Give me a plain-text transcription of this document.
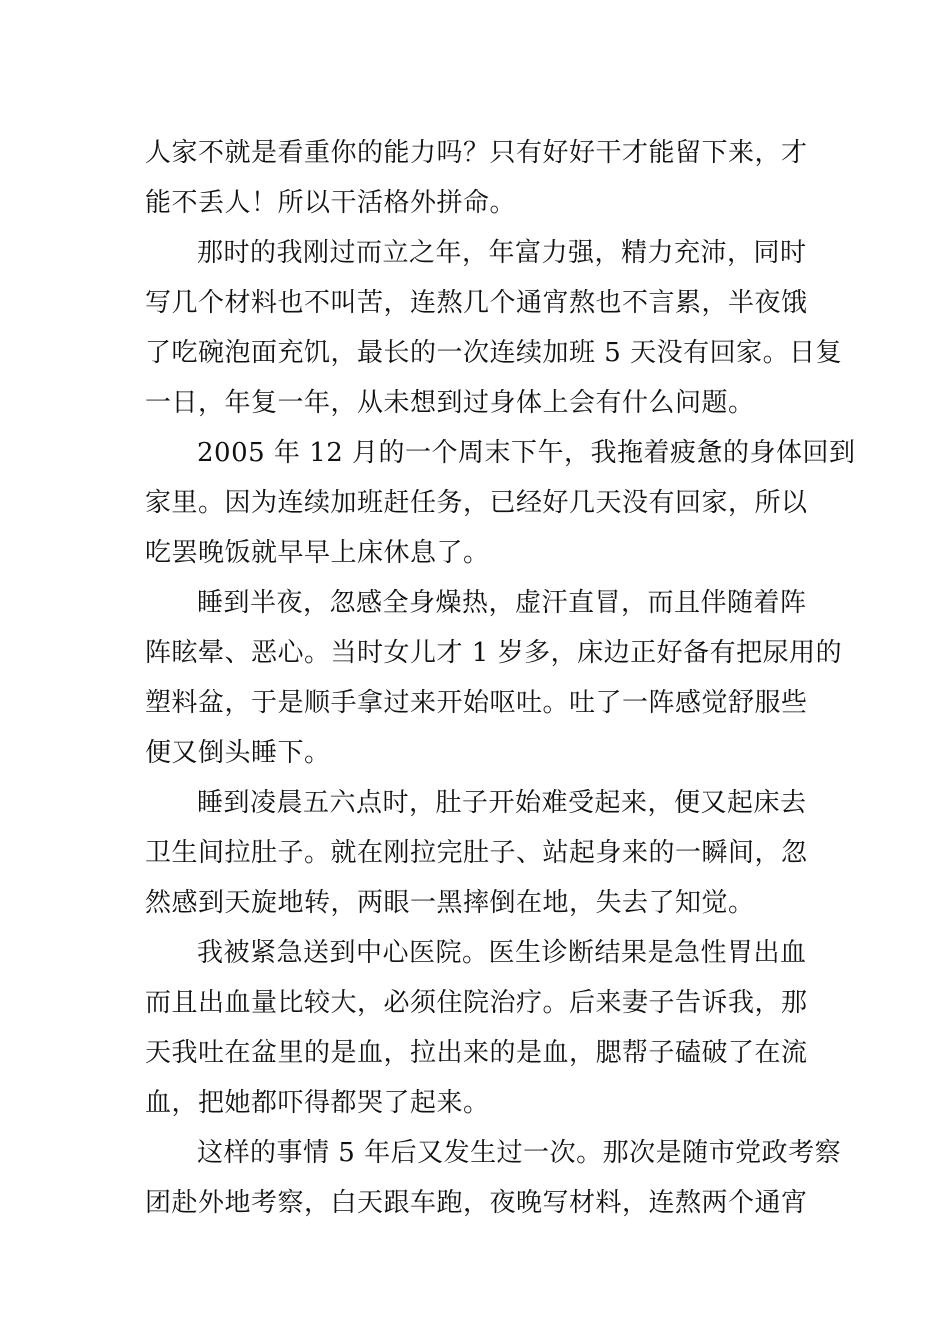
人家不就是看重你的能力吗？只有好好干才能留下来，才
能不丢人！所以干活格外拼命。
那时的我刚过而立之年，年富力强，精力充沛，同时
写几个材料也不叫苦，连熬几个通宵熬也不言累，半夜饿
了吃碗泡面充饥，最长的一次连续加班 5 天没有回家。日复
一日，年复一年，从未想到过身体上会有什么问题。
2005 年 12 月的一个周末下午，我拖着疲惫的身体回到
家里。因为连续加班赶任务，已经好几天没有回家，所以
吃罢晚饭就早早上床休息了。
睡到半夜，忽感全身燥热，虚汗直冒，而且伴随着阵
阵眩晕、恶心。当时女儿才 1 岁多，床边正好备有把尿用的
塑料盆，于是顺手拿过来开始呕吐。吐了一阵感觉舒服些
便又倒头睡下。
睡到凌晨五六点时，肚子开始难受起来，便又起床去
卫生间拉肚子。就在刚拉完肚子、站起身来的一瞬间，忽
然感到天旋地转，两眼一黑摔倒在地，失去了知觉。
我被紧急送到中心医院。医生诊断结果是急性胃出血
而且出血量比较大，必须住院治疗。后来妻子告诉我，那
天我吐在盆里的是血，拉出来的是血，腮帮子磕破了在流
血，把她都吓得都哭了起来。
这样的事情 5 年后又发生过一次。那次是随市党政考察
团赴外地考察，白天跟车跑，夜晚写材料，连熬两个通宵
